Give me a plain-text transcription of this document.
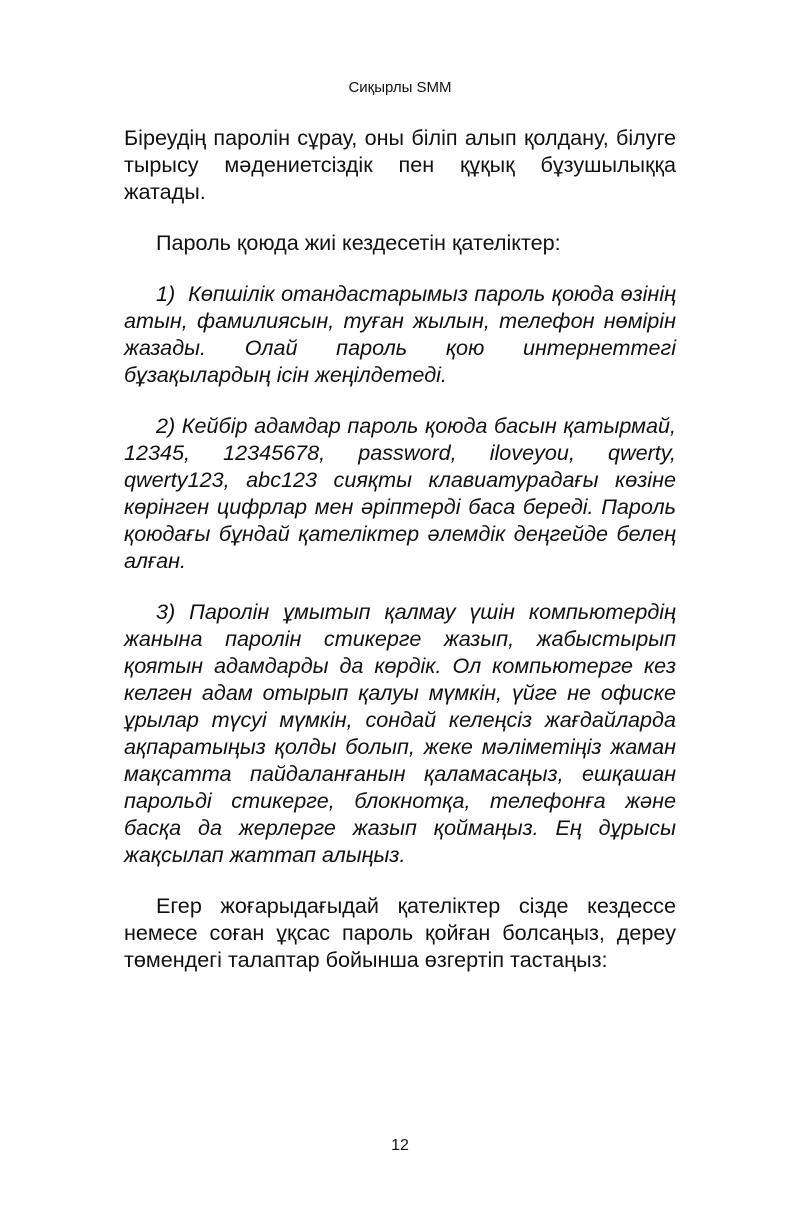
Сиқырлы SMM

Біреудің паролін сұрау, оны біліп алып қолдану, білуге тырысу мәдениетсіздік пен құқық бұзушылыққа жатады.

Пароль қоюда жиі кездесетін қателіктер:

1)  Көпшілік отандастарымыз пароль қоюда өзінің атын, фамилиясын, туған жылын, телефон нөмірін жазады. Олай пароль қою интернеттегі бұзақылардың ісін жеңілдетеді.

2) Кейбір адамдар пароль қоюда басын қатырмай, 12345, 12345678, password, iloveyou, qwerty, qwerty123, abc123 сияқты клавиатурадағы көзіне көрінген цифрлар мен әріптерді баса береді. Пароль қоюдағы бұндай қателіктер әлемдік деңгейде белең алған.

3) Паролін ұмытып қалмау үшін компьютердің жанына паролін стикерге жазып, жабыстырып қоятын адамдарды да көрдік. Ол компьютерге кез келген адам отырып қалуы мүмкін, үйге не офиске ұрылар түсуі мүмкін, сондай келеңсіз жағдайларда ақпаратыңыз қолды болып, жеке мәліметіңіз жаман мақсатта пайдаланғанын қаламасаңыз, ешқашан парольді стикерге, блокнотқа, телефонға және басқа да жерлерге жазып қоймаңыз. Ең дұрысы жақсылап жаттап алыңыз.

Егер жоғарыдағыдай қателіктер сізде кездессе немесе соған ұқсас пароль қойған болсаңыз, дереу төмендегі талаптар бойынша өзгертіп тастаңыз:

12
